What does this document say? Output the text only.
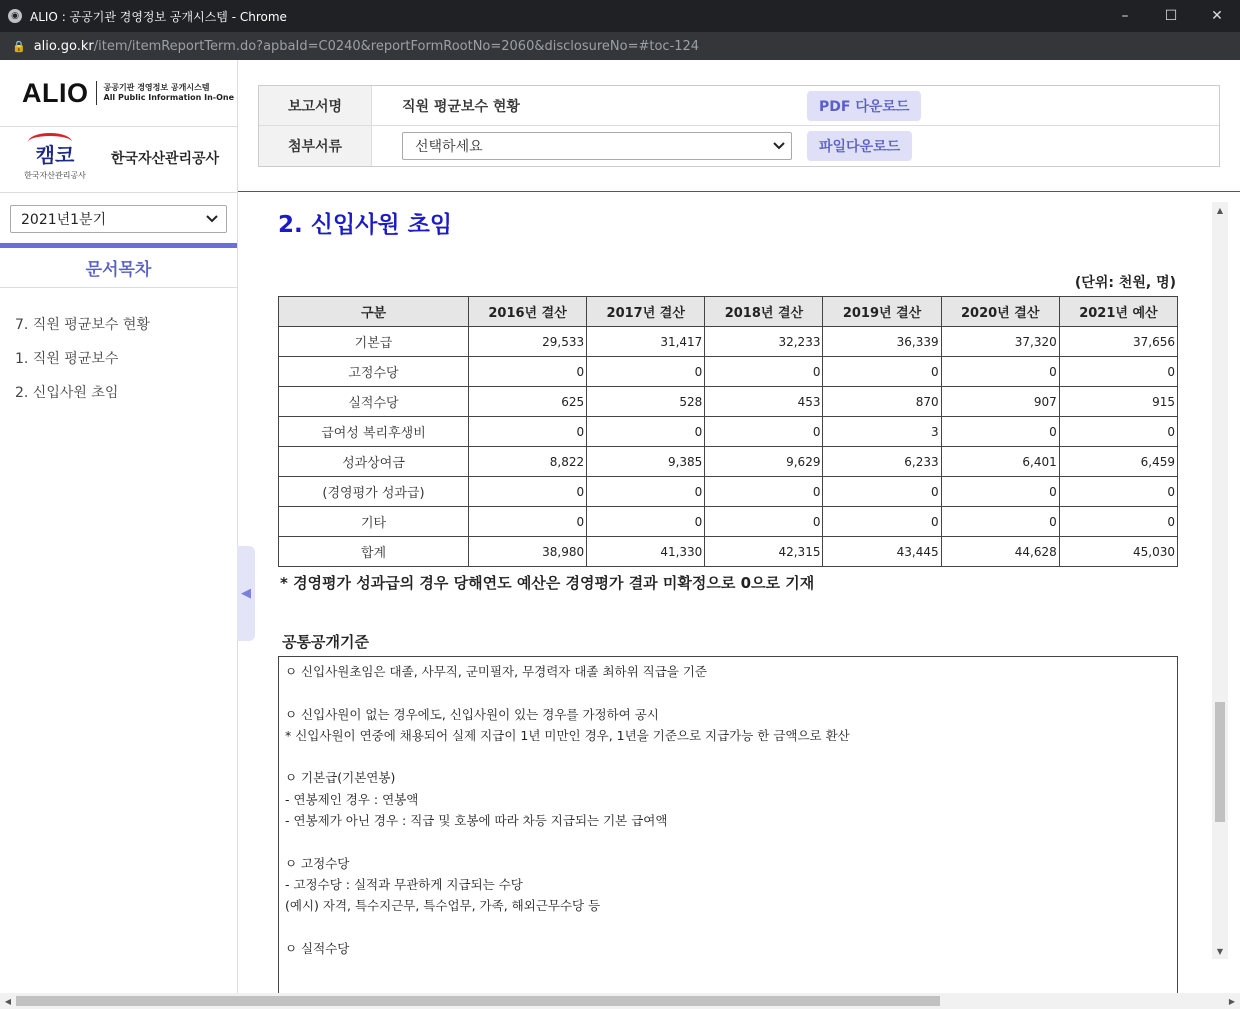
◉ ALIO : 공공기관 경영정보 공개시스템 - Chrome	–	☐	✕
🔒 alio.go.kr /item/itemReportTerm.do?apbaId=C0240&reportFormRootNo=2060&disclosureNo=#toc-124
ALIO 공공기관 경영정보 공개시스템
All Public Information In-One
캠코
한국자산관리공사
한국자산관리공사
2021년1분기
문서목차
7. 직원 평균보수 현황
1. 직원 평균보수
2. 신입사원 초임
◀
보고서명	직원 평균보수 현황	PDF 다운로드
첨부서류	선택하세요	파일다운로드
2. 신입사원 초임
(단위: 천원, 명)
구분	2016년 결산	2017년 결산	2018년 결산	2019년 결산	2020년 결산	2021년 예산
기본급	29,533	31,417	32,233	36,339	37,320	37,656
고정수당	0	0	0	0	0	0
실적수당	625	528	453	870	907	915
급여성 복리후생비	0	0	0	3	0	0
성과상여금	8,822	9,385	9,629	6,233	6,401	6,459
(경영평가 성과급)	0	0	0	0	0	0
기타	0	0	0	0	0	0
합계	38,980	41,330	42,315	43,445	44,628	45,030
* 경영평가 성과급의 경우 당해연도 예산은 경영평가 결과 미확정으로 0으로 기재
공통공개기준
ㅇ 신입사원초임은 대졸, 사무직, 군미필자, 무경력자 대졸 최하위 직급을 기준
ㅇ 신입사원이 없는 경우에도, 신입사원이 있는 경우를 가정하여 공시
* 신입사원이 연중에 채용되어 실제 지급이 1년 미만인 경우, 1년을 기준으로 지급가능 한 금액으로 환산
ㅇ 기본급(기본연봉)
- 연봉제인 경우 : 연봉액
- 연봉제가 아닌 경우 : 직급 및 호봉에 따라 차등 지급되는 기본 급여액
ㅇ 고정수당
- 고정수당 : 실적과 무관하게 지급되는 수당
(예시) 자격, 특수지근무, 특수업무, 가족, 해외근무수당 등
ㅇ 실적수당
▲
▼
◀	▶
